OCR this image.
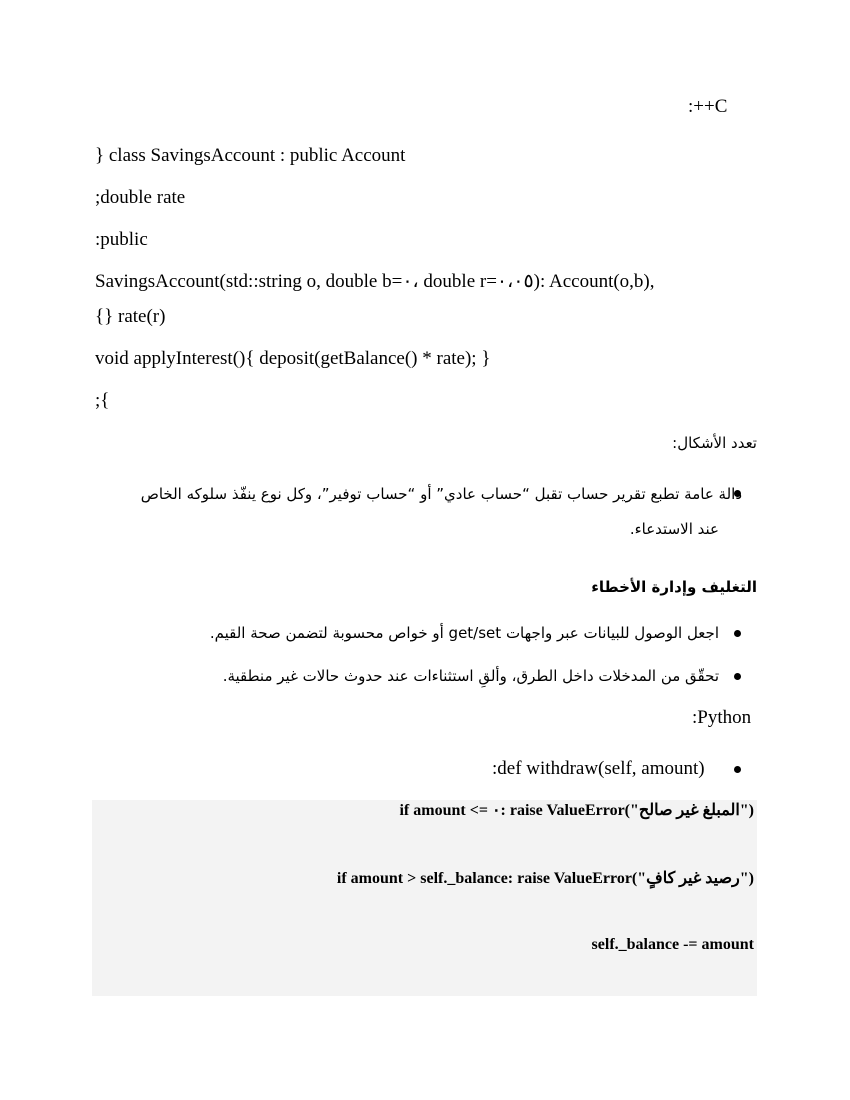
:++C
} class SavingsAccount : public Account
;double rate
:public
SavingsAccount(std::string o, double b=٠، double r=٠،٠٥): Account(o,b),
{} rate(r)
void applyInterest(){ deposit(getBalance() * rate); }
;{
تعدد الأشكال:
دالة عامة تطبع تقرير حساب تقبل “حساب عادي” أو “حساب توفير”، وكل نوع ينفّذ سلوكه الخاص
عند الاستدعاء.
التغليف وإدارة الأخطاء
اجعل الوصول للبيانات عبر واجهات get/set أو خواص محسوبة لتضمن صحة القيم.
تحقّق من المدخلات داخل الطرق، وألقِ استثناءات عند حدوث حالات غير منطقية.
:Python
:def withdraw(self, amount)
if amount <= ٠: raise ValueError("المبلغ غير صالح")
if amount > self._balance: raise ValueError("رصيد غير كافٍ")
self._balance -= amount
